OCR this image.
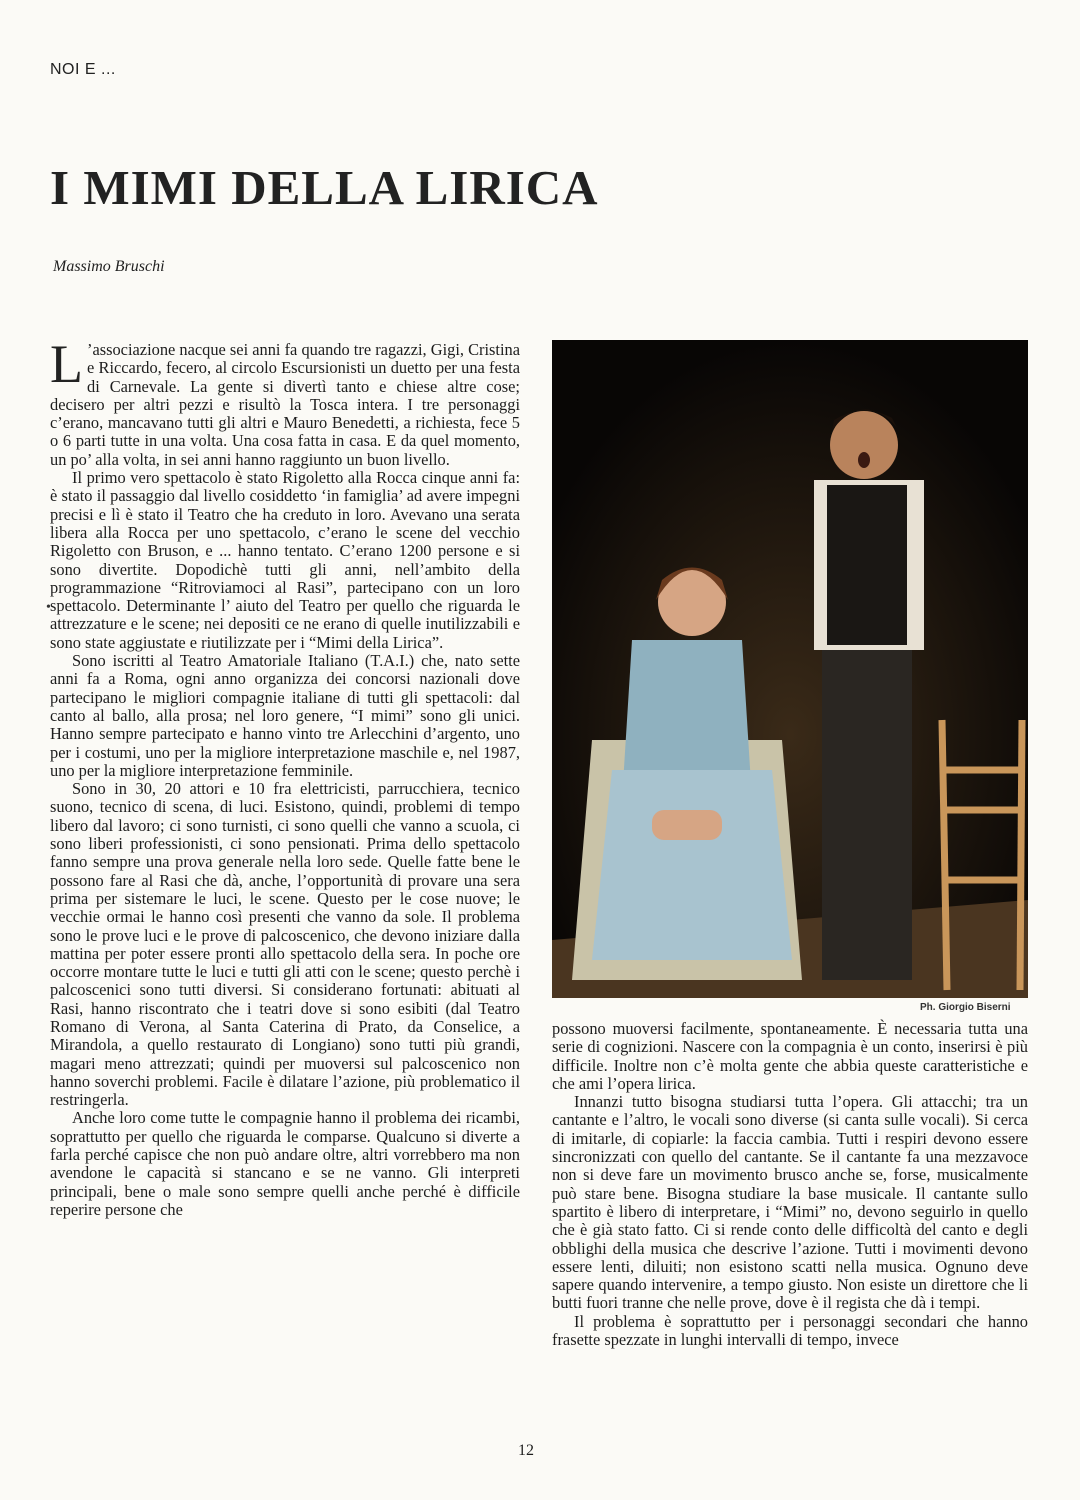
NOI E ...
I MIMI DELLA LIRICA
Massimo Bruschi

L ’associazione nacque sei anni fa quando tre ragazzi, Gigi, Cristina e Riccardo, fecero, al circolo Escursionisti un duetto per una festa di Carnevale. La gente si divertì tanto e chiese altre cose; decisero per altri pezzi e risultò la Tosca intera. I tre personaggi c’erano, mancavano tutti gli altri e Mauro Benedetti, a richiesta, fece 5 o 6 parti tutte in una volta. Una cosa fatta in casa. E da quel momento, un po’ alla volta, in sei anni hanno raggiunto un buon livello.

Il primo vero spettacolo è stato Rigoletto alla Rocca cinque anni fa: è stato il passaggio dal livello cosiddetto ‘in famiglia’ ad avere impegni precisi e lì è stato il Teatro che ha creduto in loro. Avevano una serata libera alla Rocca per uno spettacolo, c’erano le scene del vecchio Rigoletto con Bruson, e ... hanno tentato. C’erano 1200 persone e si sono divertite. Dopodichè tutti gli anni, nell’ambito della programmazione “Ritroviamoci al Rasi”, partecipano con un loro spettacolo. Determinante l’ aiuto del Teatro per quello che riguarda le attrezzature e le scene; nei depositi ce ne erano di quelle inutilizzabili e sono state aggiustate e riutilizzate per i “Mimi della Lirica”.

Sono iscritti al Teatro Amatoriale Italiano (T.A.I.) che, nato sette anni fa a Roma, ogni anno organizza dei concorsi nazionali dove partecipano le migliori compagnie italiane di tutti gli spettacoli: dal canto al ballo, alla prosa; nel loro genere, “I mimi” sono gli unici. Hanno sempre partecipato e hanno vinto tre Arlecchini d’argento, uno per i costumi, uno per la migliore interpretazione maschile e, nel 1987, uno per la migliore interpretazione femminile.

Sono in 30, 20 attori e 10 fra elettricisti, parrucchiera, tecnico suono, tecnico di scena, di luci. Esistono, quindi, problemi di tempo libero dal lavoro; ci sono turnisti, ci sono quelli che vanno a scuola, ci sono liberi professionisti, ci sono pensionati. Prima dello spettacolo fanno sempre una prova generale nella loro sede. Quelle fatte bene le possono fare al Rasi che dà, anche, l’opportunità di provare una sera prima per sistemare le luci, le scene. Questo per le cose nuove; le vecchie ormai le hanno così presenti che vanno da sole. Il problema sono le prove luci e le prove di palcoscenico, che devono iniziare dalla mattina per poter essere pronti allo spettacolo della sera. In poche ore occorre montare tutte le luci e tutti gli atti con le scene; questo perchè i palcoscenici sono tutti diversi. Si considerano fortunati: abituati al Rasi, hanno riscontrato che i teatri dove si sono esibiti (dal Teatro Romano di Verona, al Santa Caterina di Prato, da Conselice, a Mirandola, a quello restaurato di Longiano) sono tutti più grandi, magari meno attrezzati; quindi per muoversi sul palcoscenico non hanno soverchi problemi. Facile è dilatare l’azione, più problematico il restringerla.

Anche loro come tutte le compagnie hanno il problema dei ricambi, soprattutto per quello che riguarda le comparse. Qualcuno si diverte a farla perché capisce che non può andare oltre, altri vorrebbero ma non avendone le capacità si stancano e se ne vanno. Gli interpreti principali, bene o male sono sempre quelli anche perché è difficile reperire persone che

•
Ph. Giorgio Biserni

possono muoversi facilmente, spontaneamente. È necessaria tutta una serie di cognizioni. Nascere con la compagnia è un conto, inserirsi è più difficile. Inoltre non c’è molta gente che abbia queste caratteristiche e che ami l’opera lirica.

Innanzi tutto bisogna studiarsi tutta l’opera. Gli attacchi; tra un cantante e l’altro, le vocali sono diverse (si canta sulle vocali). Si cerca di imitarle, di copiarle: la faccia cambia. Tutti i respiri devono essere sincronizzati con quello del cantante. Se il cantante fa una mezzavoce non si deve fare un movimento brusco anche se, forse, musicalmente può stare bene. Bisogna studiare la base musicale. Il cantante sullo spartito è libero di interpretare, i “Mimi” no, devono seguirlo in quello che è già stato fatto. Ci si rende conto delle difficoltà del canto e degli obblighi della musica che descrive l’azione. Tutti i movimenti devono essere lenti, diluiti; non esistono scatti nella musica. Ognuno deve sapere quando intervenire, a tempo giusto. Non esiste un direttore che li butti fuori tranne che nelle prove, dove è il regista che dà i tempi.

Il problema è soprattutto per i personaggi secondari che hanno frasette spezzate in lunghi intervalli di tempo, invece

12
